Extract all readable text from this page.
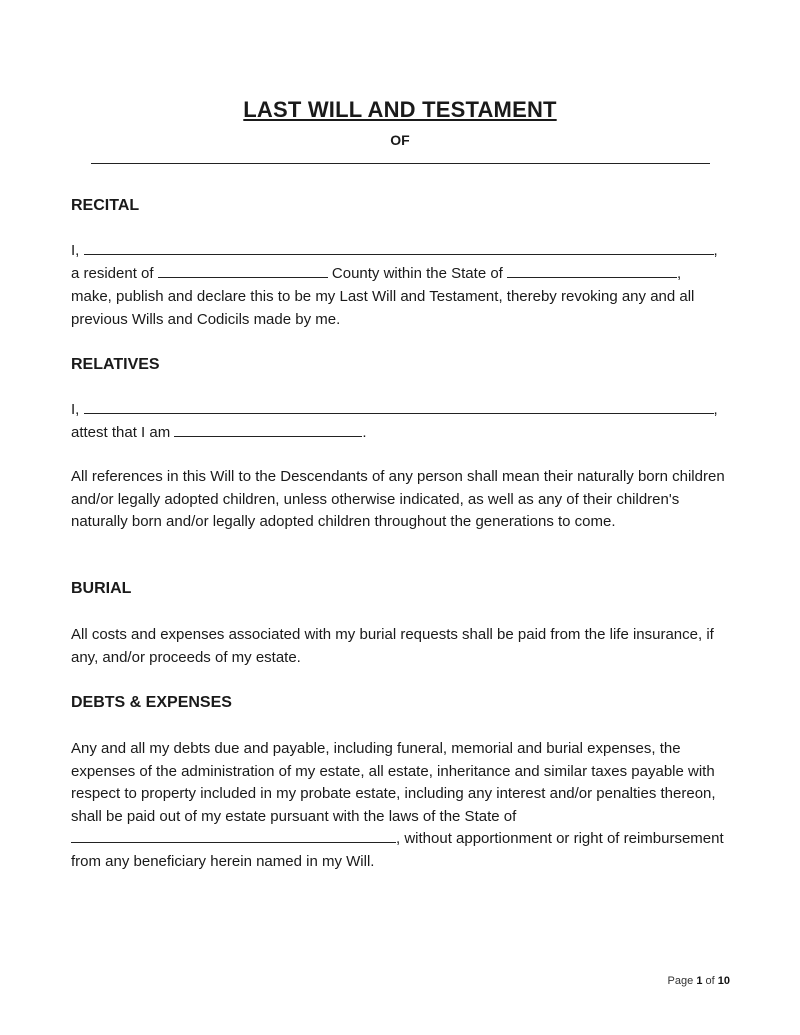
LAST WILL AND TESTAMENT
OF
RECITAL
I,	,
a resident of	County within the State of	,

make, publish and declare this to be my Last Will and Testament, thereby revoking any and all previous Wills and Codicils made by me.

RELATIVES
I,	,
attest that I am	.

All references in this Will to the Descendants of any person shall mean their naturally born children and/or legally adopted children, unless otherwise indicated, as well as any of their children's naturally born and/or legally adopted children throughout the generations to come.

BURIAL

All costs and expenses associated with my burial requests shall be paid from the life insurance, if any, and/or proceeds of my estate.

DEBTS & EXPENSES

Any and all my debts due and payable, including funeral, memorial and burial expenses, the expenses of the administration of my estate, all estate, inheritance and similar taxes payable with respect to property included in my probate estate, including any interest and/or penalties thereon, shall be paid out of my estate pursuant with the laws of the State of , without apportionment or right of reimbursement from any beneficiary herein named in my Will.

Page 1 of 10
